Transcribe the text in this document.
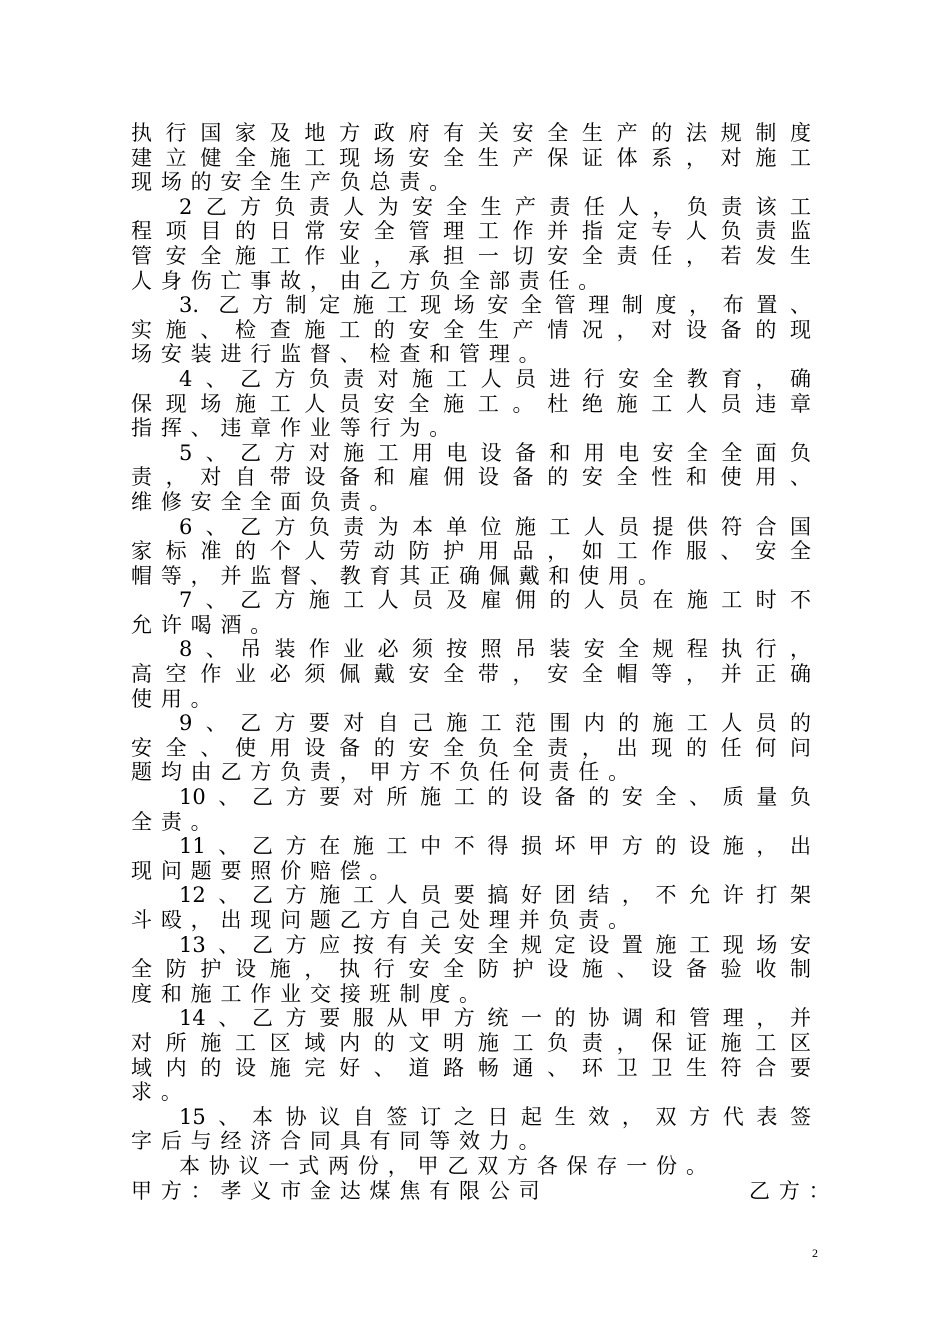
执行国家及地方政府有关安全生产的法规制度
建立健全施工现场安全生产保证体系，对施工
现场的安全生产负总责。
2乙方负责人为安全生产责任人，负责该工
程项目的日常安全管理工作并指定专人负责监
管安全施工作业，承担一切安全责任，若发生
人身伤亡事故，由乙方负全部责任。
3. 乙方制定施工现场安全管理制度，布置、
实施、检查施工的安全生产情况，对设备的现
场安装进行监督、检查和管理。
4、乙方负责对施工人员进行安全教育，确
保现场施工人员安全施工。杜绝施工人员违章
指挥、违章作业等行为。
5、乙方对施工用电设备和用电安全全面负
责，对自带设备和雇佣设备的安全性和使用、
维修安全全面负责。
6、乙方负责为本单位施工人员提供符合国
家标准的个人劳动防护用品，如工作服、安全
帽等，并监督、教育其正确佩戴和使用。
7、乙方施工人员及雇佣的人员在施工时不
允许喝酒。
8、吊装作业必须按照吊装安全规程执行，
高空作业必须佩戴安全带，安全帽等，并正确
使用。
9、乙方要对自己施工范围内的施工人员的
安全、使用设备的安全负全责，出现的任何问
题均由乙方负责，甲方不负任何责任。
10、乙方要对所施工的设备的安全、质量负
全责。
11、乙方在施工中不得损坏甲方的设施，出
现问题要照价赔偿。
12、乙方施工人员要搞好团结，不允许打架
斗殴，出现问题乙方自己处理并负责。
13、乙方应按有关安全规定设置施工现场安
全防护设施，执行安全防护设施、设备验收制
度和施工作业交接班制度。
14、乙方要服从甲方统一的协调和管理，并
对所施工区域内的文明施工负责，保证施工区
域内的设施完好、道路畅通、环卫卫生符合要
求。
15、本协议自签订之日起生效，双方代表签
字后与经济合同具有同等效力。
本协议一式两份，甲乙双方各保存一份。
甲方：孝义市金达煤焦有限公司	乙方：
2
